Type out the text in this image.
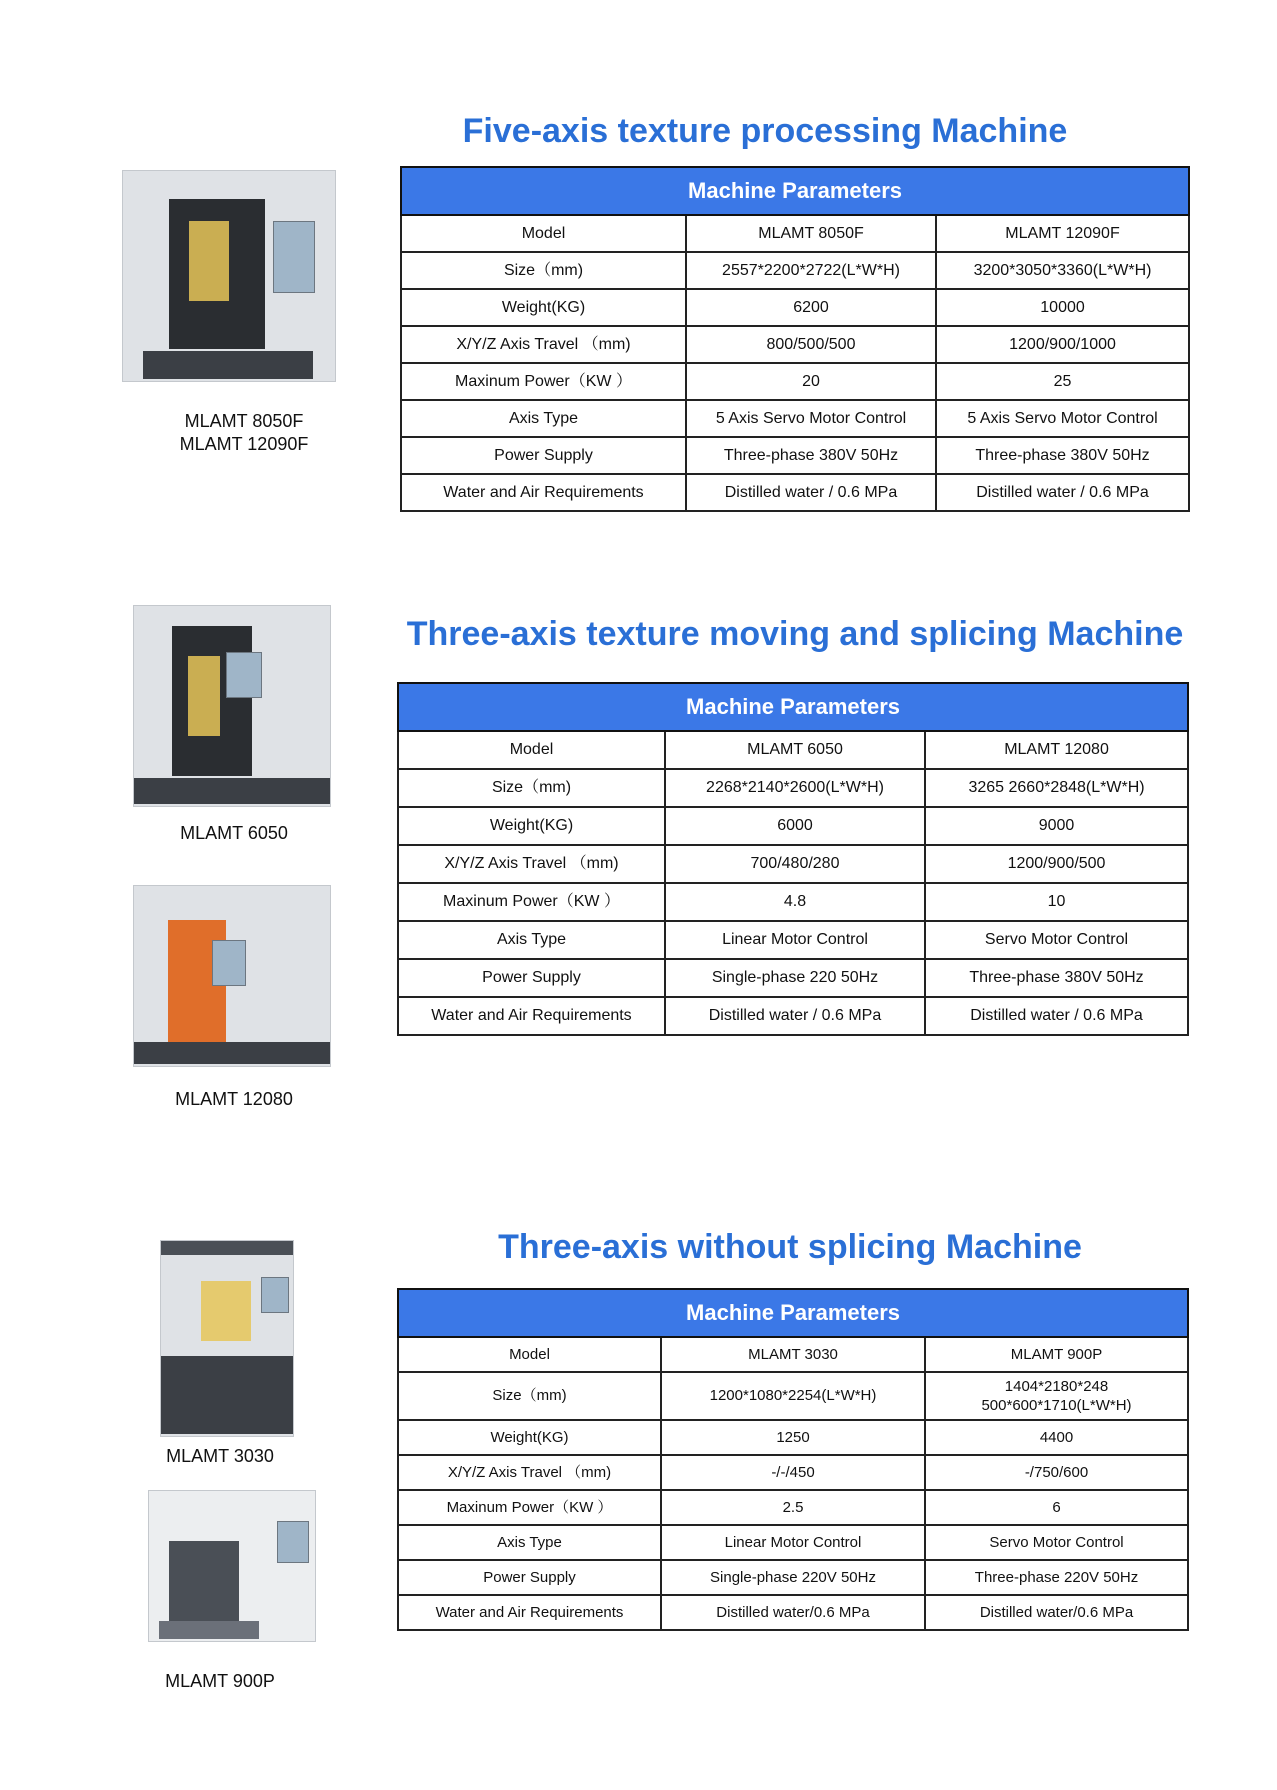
Five-axis texture processing Machine
MLAMT 8050F
MLAMT 12090F
Machine Parameters		
Model	MLAMT 8050F	MLAMT 12090F
Size（mm)	2557*2200*2722(L*W*H)	3200*3050*3360(L*W*H)
Weight(KG)	6200	10000
X/Y/Z Axis Travel （mm)	800/500/500	1200/900/1000
Maxinum Power（KW ）	20	25
Axis Type	5 Axis Servo Motor Control	5 Axis Servo Motor Control
Power Supply	Three-phase 380V 50Hz	Three-phase 380V 50Hz
Water and Air Requirements	Distilled water / 0.6 MPa	Distilled water / 0.6 MPa
Three-axis texture moving and splicing Machine
MLAMT 6050
MLAMT 12080
Machine Parameters		
Model	MLAMT 6050	MLAMT 12080
Size（mm)	2268*2140*2600(L*W*H)	3265 2660*2848(L*W*H)
Weight(KG)	6000	9000
X/Y/Z Axis Travel （mm)	700/480/280	1200/900/500
Maxinum Power（KW ）	4.8	10
Axis Type	Linear Motor Control	Servo Motor Control
Power Supply	Single-phase 220 50Hz	Three-phase 380V 50Hz
Water and Air Requirements	Distilled water / 0.6 MPa	Distilled water / 0.6 MPa
Three-axis without splicing Machine
MLAMT 3030
MLAMT 900P
Machine Parameters		
Model	MLAMT 3030	MLAMT 900P
Size（mm)	1200*1080*2254(L*W*H)	1404*2180*248
500*600*1710(L*W*H)
Weight(KG)	1250	4400
X/Y/Z Axis Travel （mm)	-/-/450	-/750/600
Maxinum Power（KW ）	2.5	6
Axis Type	Linear Motor Control	Servo Motor Control
Power Supply	Single-phase 220V 50Hz	Three-phase 220V 50Hz
Water and Air Requirements	Distilled water/0.6 MPa	Distilled water/0.6 MPa
